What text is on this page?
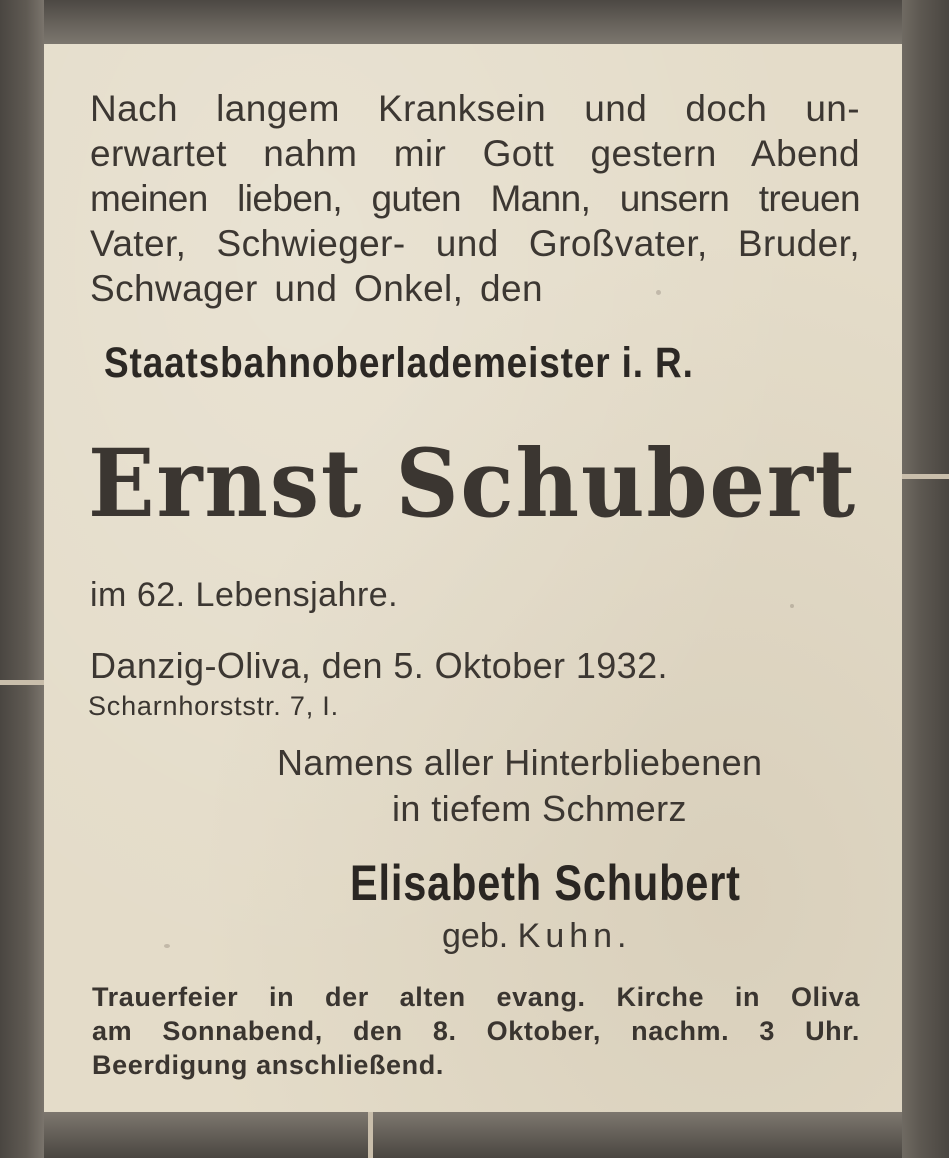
Nach langem Kranksein und doch un-
erwartet nahm mir Gott gestern Abend
meinen lieben, guten Mann, unsern treuen
Vater, Schwieger- und Großvater, Bruder,
Schwager und Onkel, den
Staatsbahnoberlademeister i. R.
Ernst Schubert
im 62. Lebensjahre.
Danzig-Oliva, den 5. Oktober 1932.
Scharnhorststr. 7, I.
Namens aller Hinterbliebenen
in tiefem Schmerz
Elisabeth Schubert
geb. Kuhn.
Trauerfeier in der alten evang. Kirche in Oliva
am Sonnabend, den 8. Oktober, nachm. 3 Uhr.
Beerdigung anschließend.
